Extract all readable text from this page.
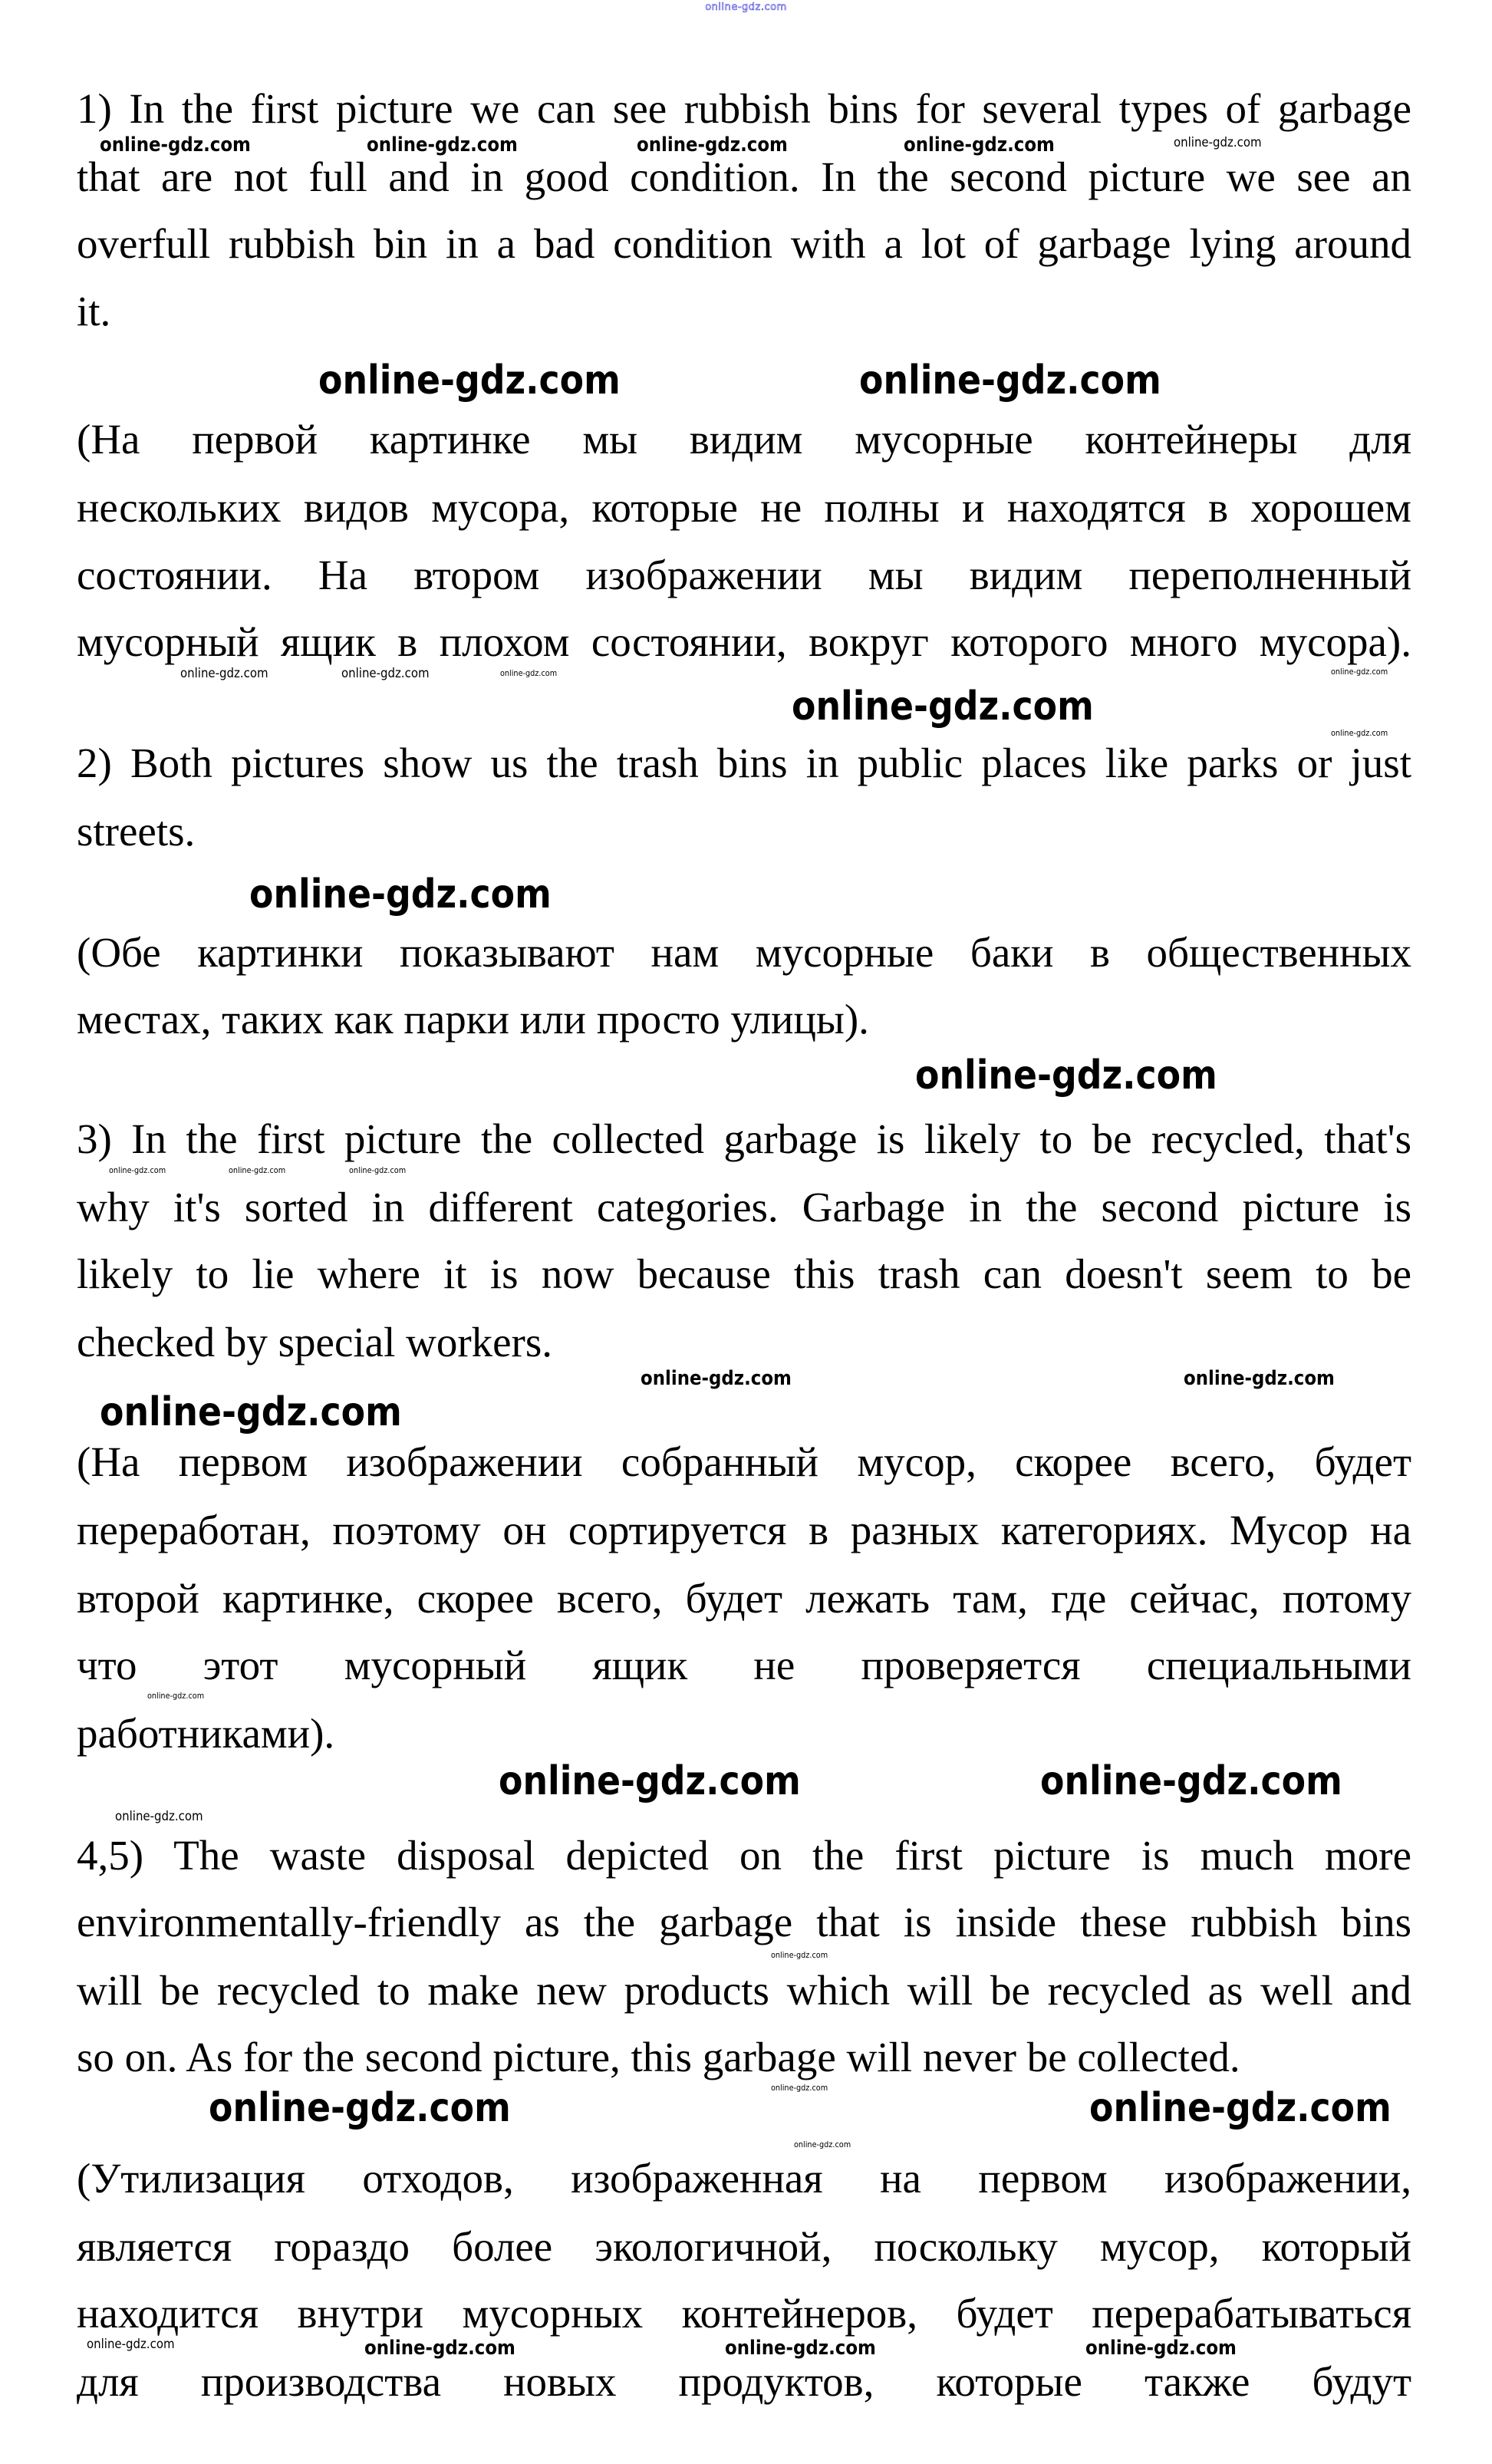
online-gdz.com
1) In the first picture we can see rubbish bins for several types of garbage
that are not full and in good condition. In the second picture we see an
overfull rubbish bin in a bad condition with a lot of garbage lying around
it.
(На первой картинке мы видим мусорные контейнеры для
нескольких видов мусора, которые не полны и находятся в хорошем
состоянии. На втором изображении мы видим переполненный
мусорный ящик в плохом состоянии, вокруг которого много мусора).
2) Both pictures show us the trash bins in public places like parks or just
streets.
(Обе картинки показывают нам мусорные баки в общественных
местах, таких как парки или просто улицы).
3) In the first picture the collected garbage is likely to be recycled, that's
why it's sorted in different categories. Garbage in the second picture is
likely to lie where it is now because this trash can doesn't seem to be
checked by special workers.
(На первом изображении собранный мусор, скорее всего, будет
переработан, поэтому он сортируется в разных категориях. Мусор на
второй картинке, скорее всего, будет лежать там, где сейчас, потому
что этот мусорный ящик не проверяется специальными
работниками).
4,5) The waste disposal depicted on the first picture is much more
environmentally-friendly as the garbage that is inside these rubbish bins
will be recycled to make new products which will be recycled as well and
so on. As for the second picture, this garbage will never be collected.
(Утилизация отходов, изображенная на первом изображении,
является гораздо более экологичной, поскольку мусор, который
находится внутри мусорных контейнеров, будет перерабатываться
для производства новых продуктов, которые также будут
online-gdz.com	online-gdz.com	online-gdz.com	online-gdz.com	online-gdz.com
online-gdz.com	online-gdz.com
online-gdz.com	online-gdz.com	online-gdz.com	online-gdz.com
online-gdz.com
online-gdz.com
online-gdz.com
online-gdz.com
online-gdz.com	online-gdz.com	online-gdz.com
online-gdz.com	online-gdz.com
online-gdz.com
online-gdz.com
online-gdz.com	online-gdz.com
online-gdz.com
online-gdz.com
online-gdz.com	online-gdz.com	online-gdz.com
online-gdz.com
online-gdz.com	online-gdz.com	online-gdz.com	online-gdz.com
